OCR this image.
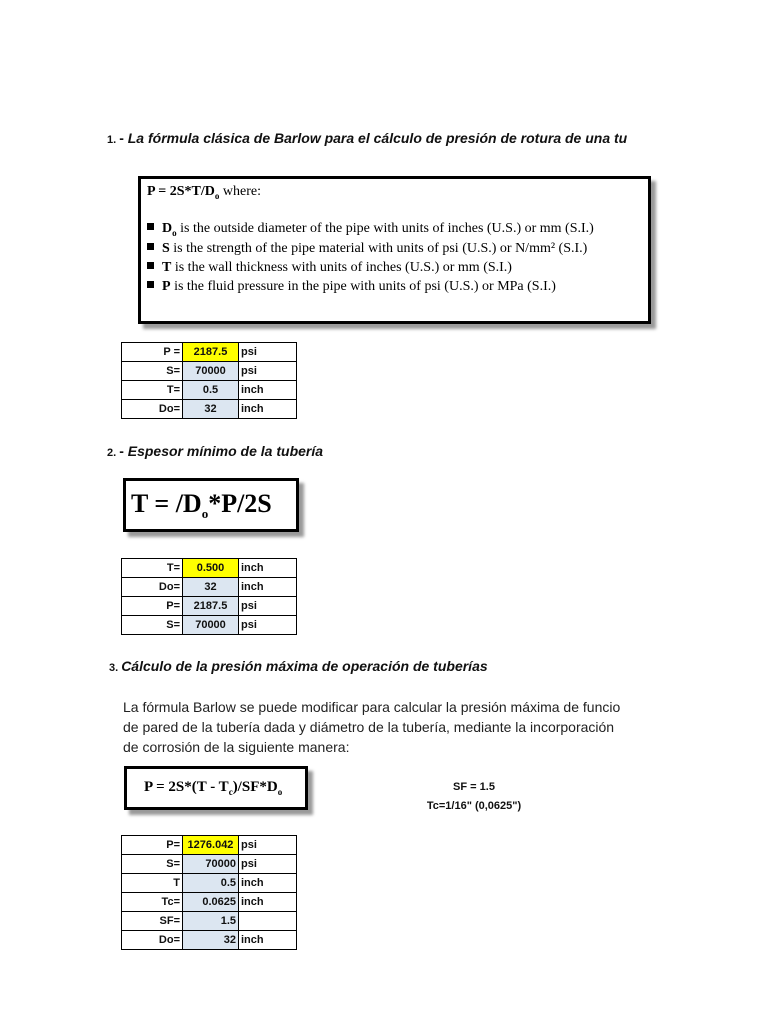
1. - La fórmula clásica de Barlow para el cálculo de presión de rotura de una tu
$P = 2S*T/D_o$ where:
$D_o$ is the outside diameter of the pipe with units of inches (U.S.) or mm (S.I.)
S is the strength of the pipe material with units of psi (U.S.) or N/mm² (S.I.)
T is the wall thickness with units of inches (U.S.) or mm (S.I.)
P is the fluid pressure in the pipe with units of psi (U.S.) or MPa (S.I.)
P =	2187.5	psi
S=	70000	psi
T=	0.5	inch
Do=	32	inch
2. - Espesor mínimo de la tubería
$T = /D_o*P/2S$
T=	0.500	inch
Do=	32	inch
P=	2187.5	psi
S=	70000	psi
3. Cálculo de la presión máxima de operación de tuberías
La fórmula Barlow se puede modificar para calcular la presión máxima de funcio
de pared de la tubería dada y diámetro de la tubería, mediante la incorporación
de corrosión de la siguiente manera:
$P = 2S*(T - T_c)/SF*D_o$	SF = 1.5
Tc=1/16" (0,0625")
P=	1276.042	psi
S=	70000	psi
T	0.5	inch
Tc=	0.0625	inch
SF=	1.5	
Do=	32	inch
